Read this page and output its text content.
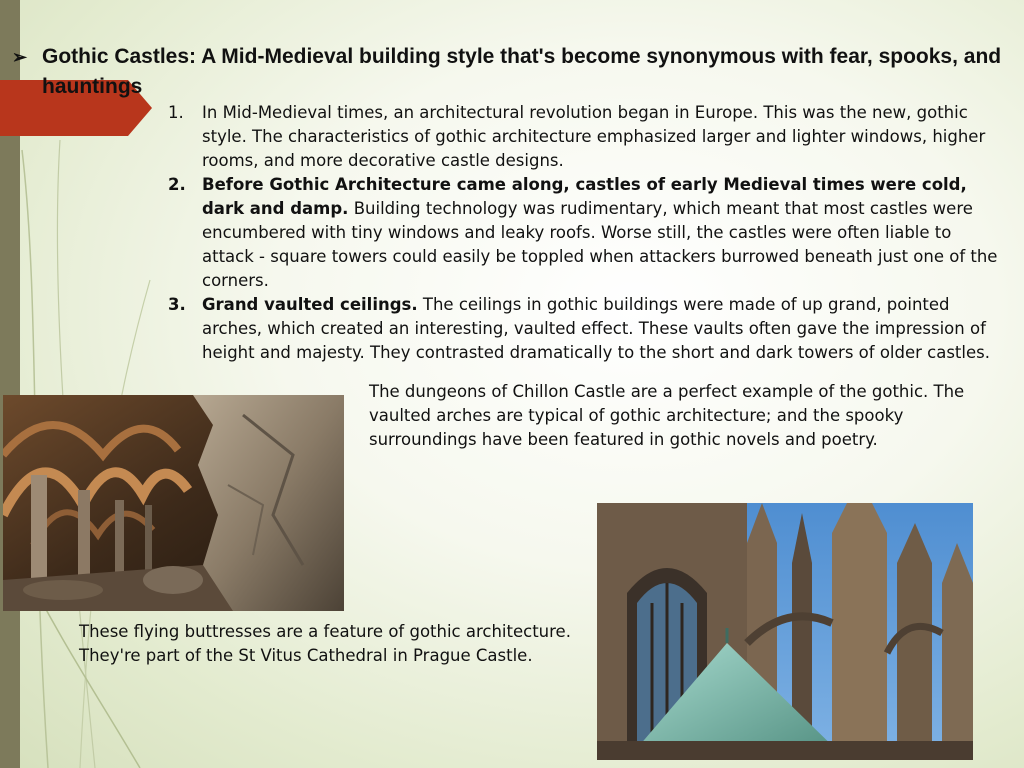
➢ Gothic Castles: A Mid-Medieval building style that's become synonymous with fear, spooks, and hauntings
1. In Mid-Medieval times, an architectural revolution began in Europe. This was the new, gothic style. The characteristics of gothic architecture emphasized larger and lighter windows, higher rooms, and more decorative castle designs.
2. Before Gothic Architecture came along, castles of early Medieval times were cold, dark and damp. Building technology was rudimentary, which meant that most castles were encumbered with tiny windows and leaky roofs. Worse still, the castles were often liable to attack - square towers could easily be toppled when attackers burrowed beneath just one of the corners.
3. Grand vaulted ceilings. The ceilings in gothic buildings were made of up grand, pointed arches, which created an interesting, vaulted effect. These vaults often gave the impression of height and majesty. They contrasted dramatically to the short and dark towers of older castles.

The dungeons of Chillon Castle are a perfect example of the gothic. The vaulted arches are typical of gothic architecture; and the spooky surroundings have been featured in gothic novels and poetry.

These flying buttresses are a feature of gothic architecture. They're part of the St Vitus Cathedral in Prague Castle.
